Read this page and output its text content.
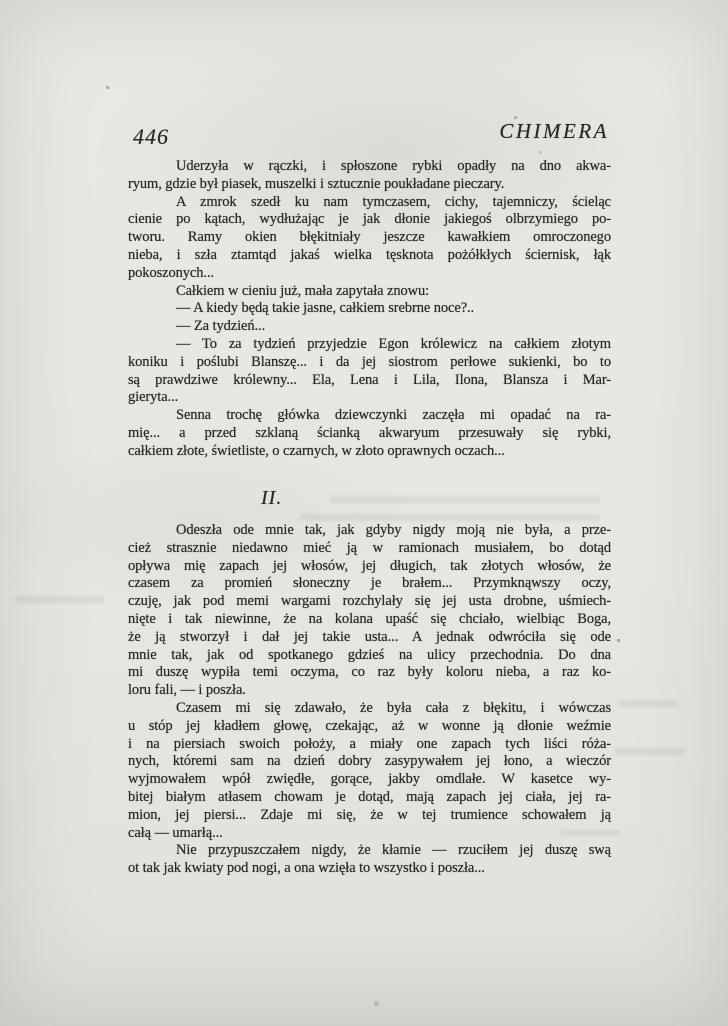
446	CHIMERA
Uderzyła w rączki, i spłoszone rybki opadły na dno akwa-
ryum, gdzie był piasek, muszelki i sztucznie poukładane pieczary.
A zmrok szedł ku nam tymczasem, cichy, tajemniczy, ścieląc
cienie po kątach, wydłużając je jak dłonie jakiegoś olbrzymiego po-
tworu. Ramy okien błękitniały jeszcze kawałkiem omroczonego
nieba, i szła ztamtąd jakaś wielka tęsknota pożółkłych ściernisk, łąk
pokoszonych...
Całkiem w cieniu już, mała zapytała znowu:
— A kiedy będą takie jasne, całkiem srebrne noce?..
— Za tydzień...
— To za tydzień przyjedzie Egon królewicz na całkiem złotym
koniku i poślubi Blanszę... i da jej siostrom perłowe sukienki, bo to
są prawdziwe królewny... Ela, Lena i Lila, Ilona, Blansza i Mar-
gieryta...
Senna trochę główka dziewczynki zaczęła mi opadać na ra-
mię... a przed szklaną ścianką akwaryum przesuwały się rybki,
całkiem złote, świetliste, o czarnych, w złoto oprawnych oczach...
II.
Odeszła ode mnie tak, jak gdyby nigdy moją nie była, a prze-
cież strasznie niedawno mieć ją w ramionach musiałem, bo dotąd
opływa mię zapach jej włosów, jej długich, tak złotych włosów, że
czasem za promień słoneczny je brałem... Przymknąwszy oczy,
czuję, jak pod memi wargami rozchylały się jej usta drobne, uśmiech-
nięte i tak niewinne, że na kolana upaść się chciało, wielbiąc Boga,
że ją stworzył i dał jej takie usta... A jednak odwróciła się ode
mnie tak, jak od spotkanego gdzieś na ulicy przechodnia. Do dna
mi duszę wypiła temi oczyma, co raz były koloru nieba, a raz ko-
loru fali, — i poszła.
Czasem mi się zdawało, że była cała z błękitu, i wówczas
u stóp jej kładłem głowę, czekając, aż w wonne ją dłonie weźmie
i na piersiach swoich położy, a miały one zapach tych liści róża-
nych, któremi sam na dzień dobry zasypywałem jej łono, a wieczór
wyjmowałem wpół zwiędłe, gorące, jakby omdlałe. W kasetce wy-
bitej białym atłasem chowam je dotąd, mają zapach jej ciała, jej ra-
mion, jej piersi... Zdaje mi się, że w tej trumience schowałem ją
całą — umarłą...
Nie przypuszczałem nigdy, że kłamie — rzuciłem jej duszę swą
ot tak jak kwiaty pod nogi, a ona wzięła to wszystko i poszła...
